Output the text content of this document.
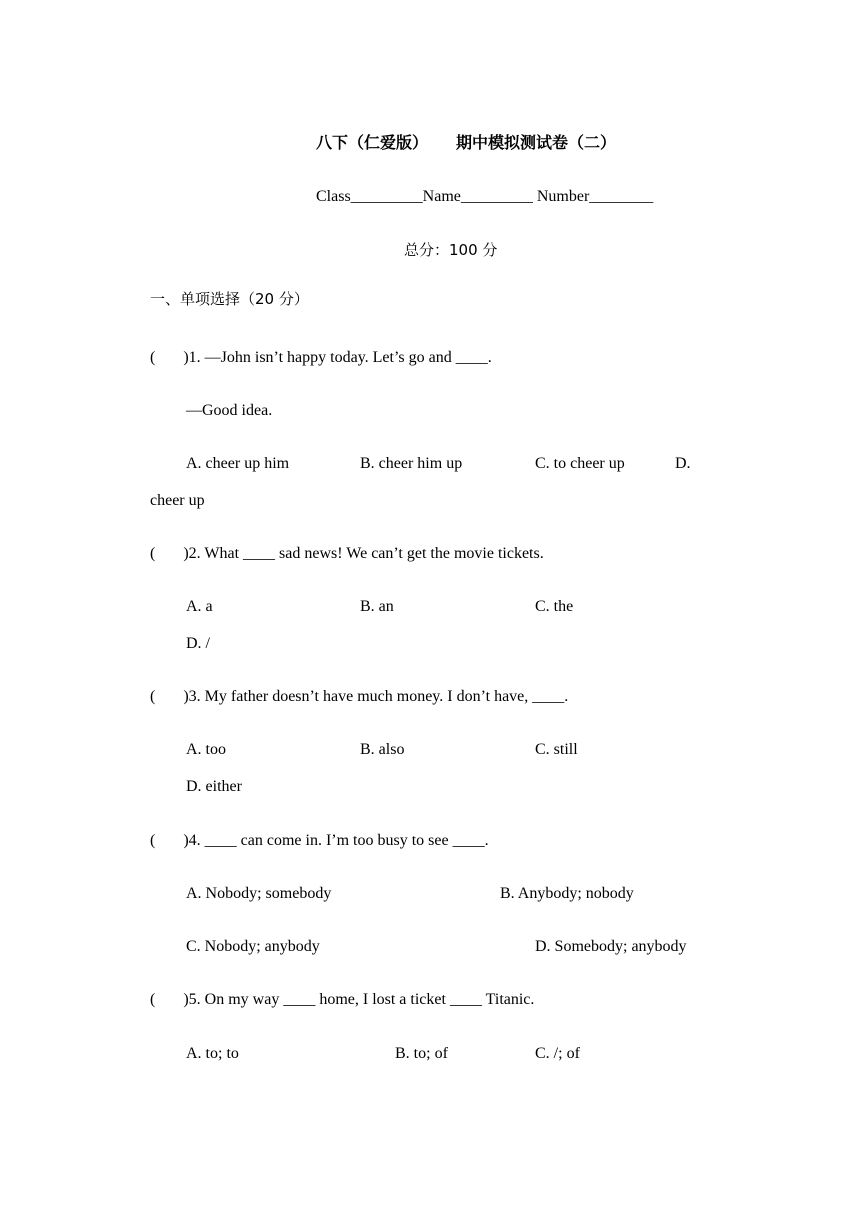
八下（仁爱版） 期中模拟测试卷（二）
Class_________Name_________ Number________
总分：100 分
一、单项选择（20 分）
(       )1. —John isn’t happy today. Let’s go and ____.
—Good idea.
A. cheer up him	B. cheer him up	C. to cheer up	D.
cheer up
(       )2. What ____ sad news! We can’t get the movie tickets.
A. a	B. an	C. the
D. /
(       )3. My father doesn’t have much money. I don’t have, ____.
A. too	B. also	C. still
D. either
(       )4. ____ can come in. I’m too busy to see ____.
A. Nobody; somebody	B. Anybody; nobody
C. Nobody; anybody	D. Somebody; anybody
(       )5. On my way ____ home, I lost a ticket ____ Titanic.
A. to; to	B. to; of	C. /; of
